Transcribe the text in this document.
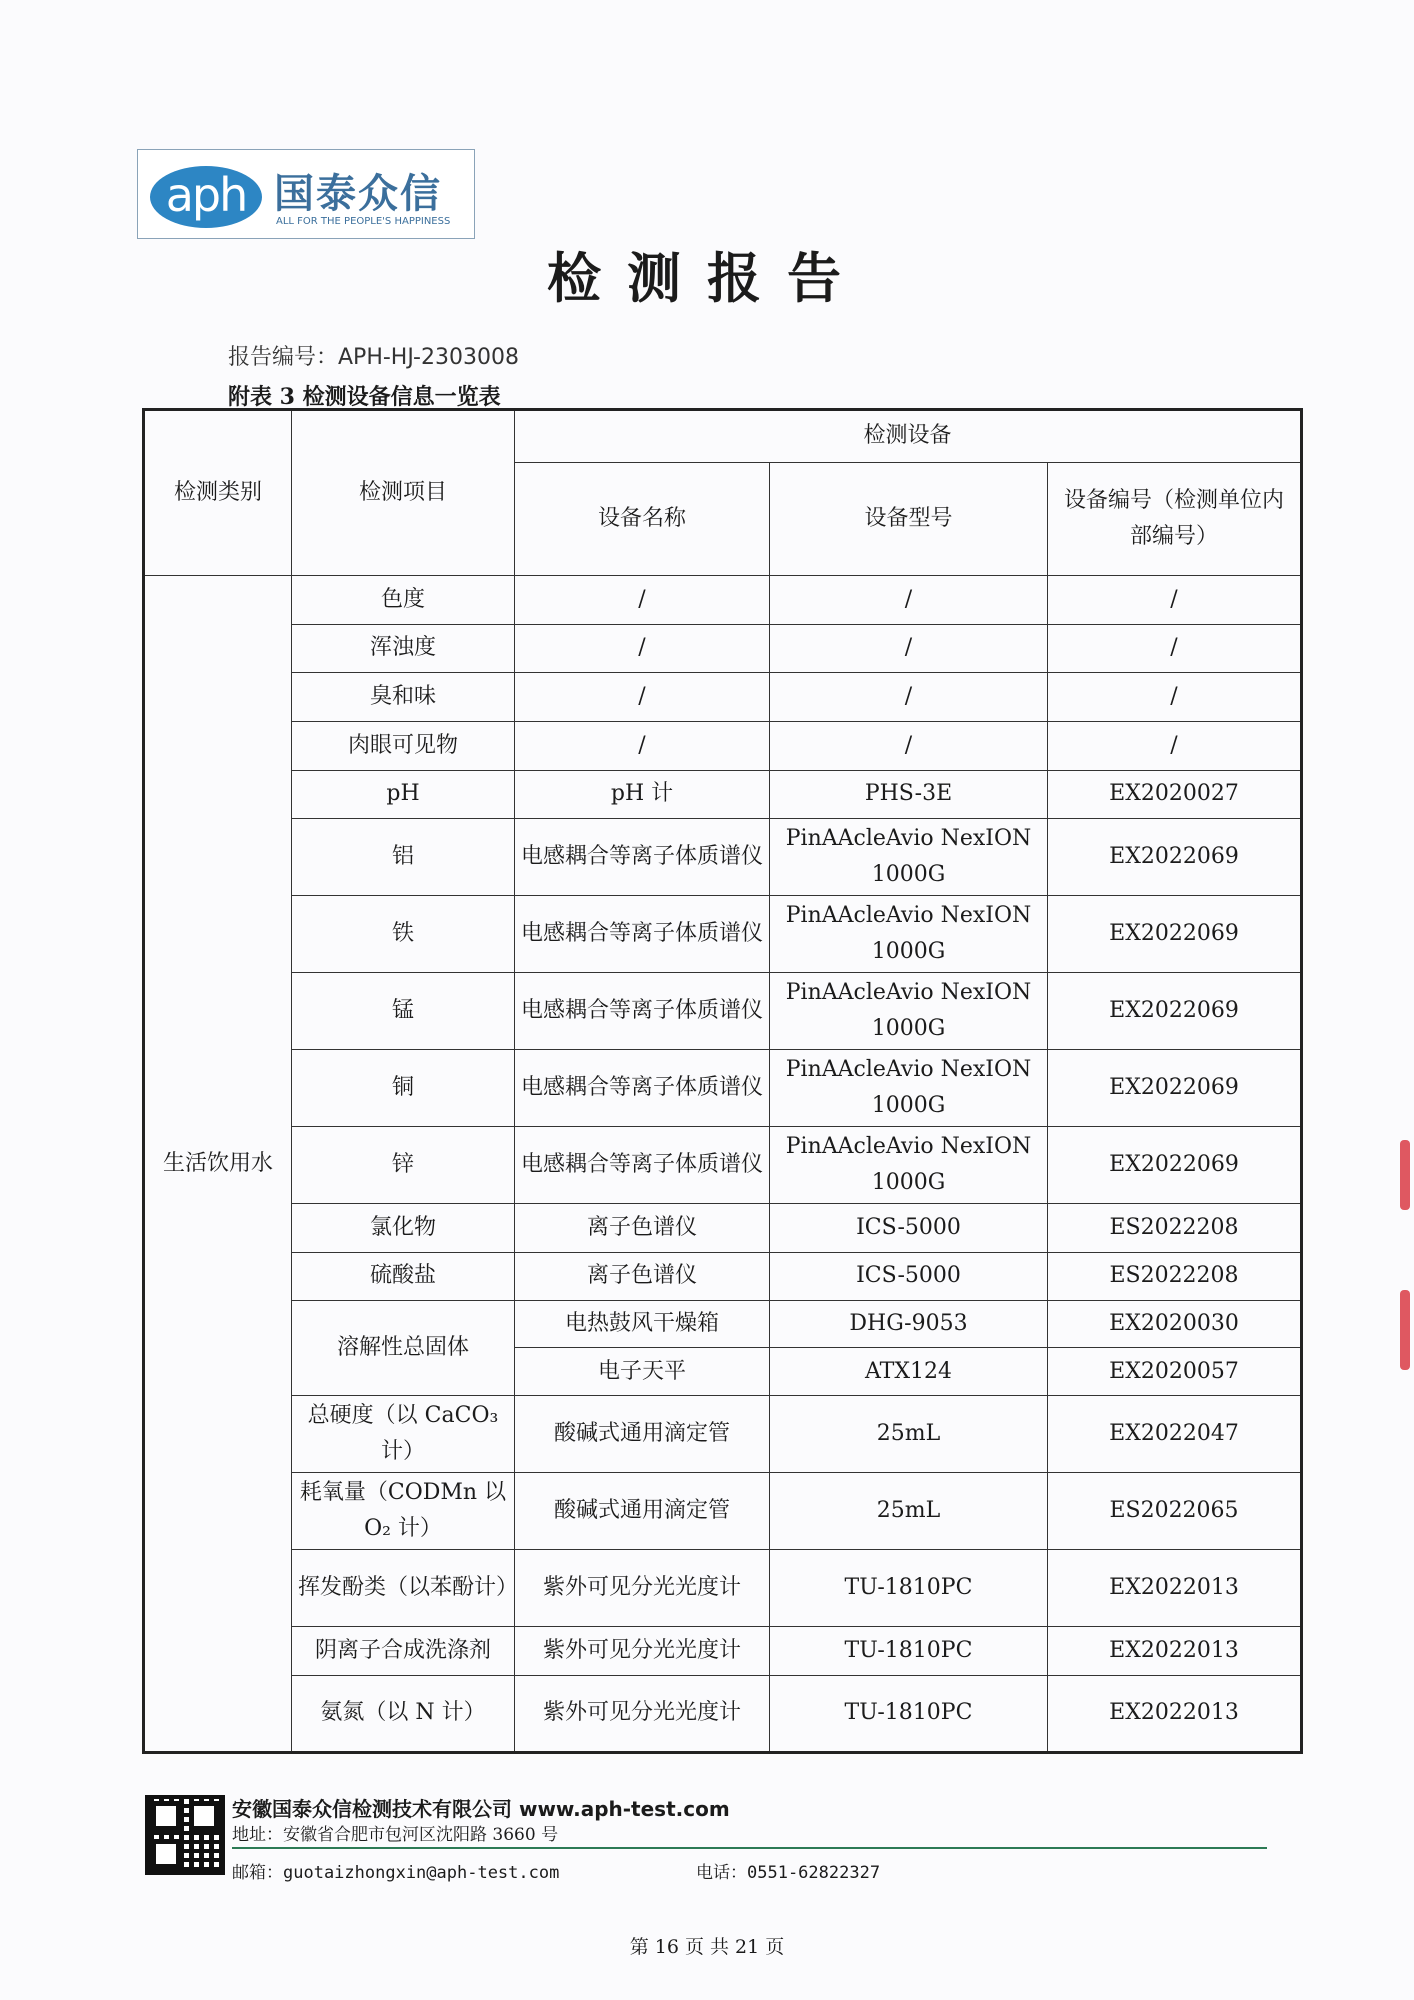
aph 国泰众信
ALL FOR THE PEOPLE'S HAPPINESS
检测报告
报告编号：APH-HJ-2303008
附表 3 检测设备信息一览表
检测类别	检测项目	检测设备		
		设备名称	设备型号	设备编号（检测单位内部编号）
生活饮用水	色度	/	/	/
	浑浊度	/	/	/
	臭和味	/	/	/
	肉眼可见物	/	/	/
	pH	pH 计	PHS-3E	EX2020027
	铝	电感耦合等离子体质谱仪	PinAAcleAvio NexION 1000G	EX2022069
	铁	电感耦合等离子体质谱仪	PinAAcleAvio NexION 1000G	EX2022069
	锰	电感耦合等离子体质谱仪	PinAAcleAvio NexION 1000G	EX2022069
	铜	电感耦合等离子体质谱仪	PinAAcleAvio NexION 1000G	EX2022069
	锌	电感耦合等离子体质谱仪	PinAAcleAvio NexION 1000G	EX2022069
	氯化物	离子色谱仪	ICS-5000	ES2022208
	硫酸盐	离子色谱仪	ICS-5000	ES2022208
	溶解性总固体	电热鼓风干燥箱	DHG-9053	EX2020030
		电子天平	ATX124	EX2020057
	总硬度（以 CaCO₃ 计）	酸碱式通用滴定管	25mL	EX2022047
	耗氧量（CODMn 以 O₂ 计）	酸碱式通用滴定管	25mL	ES2022065
	挥发酚类（以苯酚计）	紫外可见分光光度计	TU-1810PC	EX2022013
	阴离子合成洗涤剂	紫外可见分光光度计	TU-1810PC	EX2022013
	氨氮（以 N 计）	紫外可见分光光度计	TU-1810PC	EX2022013
安徽国泰众信检测技术有限公司 www.aph-test.com
地址：安徽省合肥市包河区沈阳路 3660 号
邮箱：guotaizhongxin@aph-test.com	电话：0551-62822327
第 16 页 共 21 页
